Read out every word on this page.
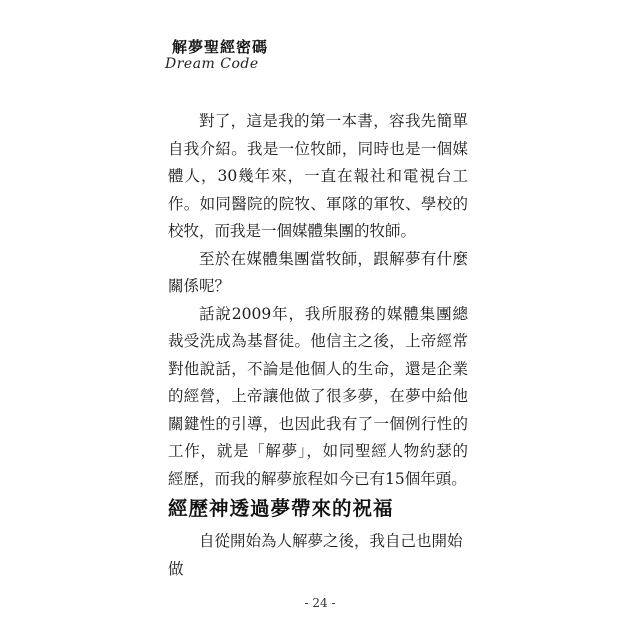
解夢聖經密碼
Dream Code

對了，這是我的第一本書，容我先簡單自我介紹。我是一位牧師，同時也是一個媒體人，30幾年來，一直在報社和電視台工作。如同醫院的院牧、軍隊的軍牧、學校的校牧，而我是一個媒體集團的牧師。

至於在媒體集團當牧師，跟解夢有什麼關係呢？

話說2009年，我所服務的媒體集團總裁受洗成為基督徒。他信主之後，上帝經常對他說話，不論是他個人的生命，還是企業的經營，上帝讓他做了很多夢，在夢中給他關鍵性的引導，也因此我有了一個例行性的工作，就是「解夢」，如同聖經人物約瑟的經歷，而我的解夢旅程如今已有15個年頭。

經歷神透過夢帶來的祝福

自從開始為人解夢之後，我自己也開始做

- 24 -
